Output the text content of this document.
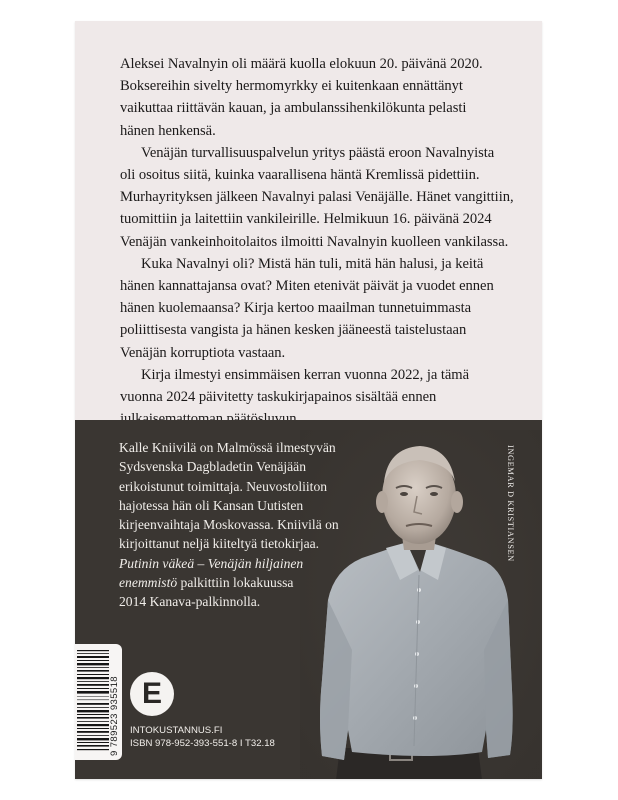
Aleksei Navalnyin oli määrä kuolla elokuun 20. päivänä 2020.
Boksereihin sivelty hermomyrkky ei kuitenkaan ennättänyt
vaikuttaa riittävän kauan, ja ambulanssihenkilökunta pelasti
hänen henkensä.

Venäjän turvallisuuspalvelun yritys päästä eroon Navalnyista
oli osoitus siitä, kuinka vaarallisena häntä Kremlissä pidettiin.
Murhayrityksen jälkeen Navalnyi palasi Venäjälle. Hänet vangittiin,
tuomittiin ja laitettiin vankileirille. Helmikuun 16. päivänä 2024
Venäjän vankeinhoitolaitos ilmoitti Navalnyin kuolleen vankilassa.

Kuka Navalnyi oli? Mistä hän tuli, mitä hän halusi, ja keitä
hänen kannattajansa ovat? Miten etenivät päivät ja vuodet ennen
hänen kuolemaansa? Kirja kertoo maailman tunnetuimmasta
poliittisesta vangista ja hänen kesken jääneestä taistelustaan
Venäjän korruptiota vastaan.

Kirja ilmestyi ensimmäisen kerran vuonna 2022, ja tämä
vuonna 2024 päivitetty taskukirjapainos sisältää ennen

Kalle Kniivilä on Malmössä ilmestyvän
Sydsvenska Dagbladetin Venäjään
erikoistunut toimittaja. Neuvostoliiton
hajotessa hän oli Kansan Uutisten
kirjeenvaihtaja Moskovassa. Kniivilä on
kirjoittanut neljä kiiteltyä tietokirjaa.
Putinin väkeä – Venäjän hiljainen
enemmistö palkittiin lokakuussa
2014 Kanava-palkinnolla.
INGEMAR D KRISTIANSEN
9 789523 935518 E
INTOKUSTANNUS.FI
ISBN 978-952-393-551-8 I T32.18
